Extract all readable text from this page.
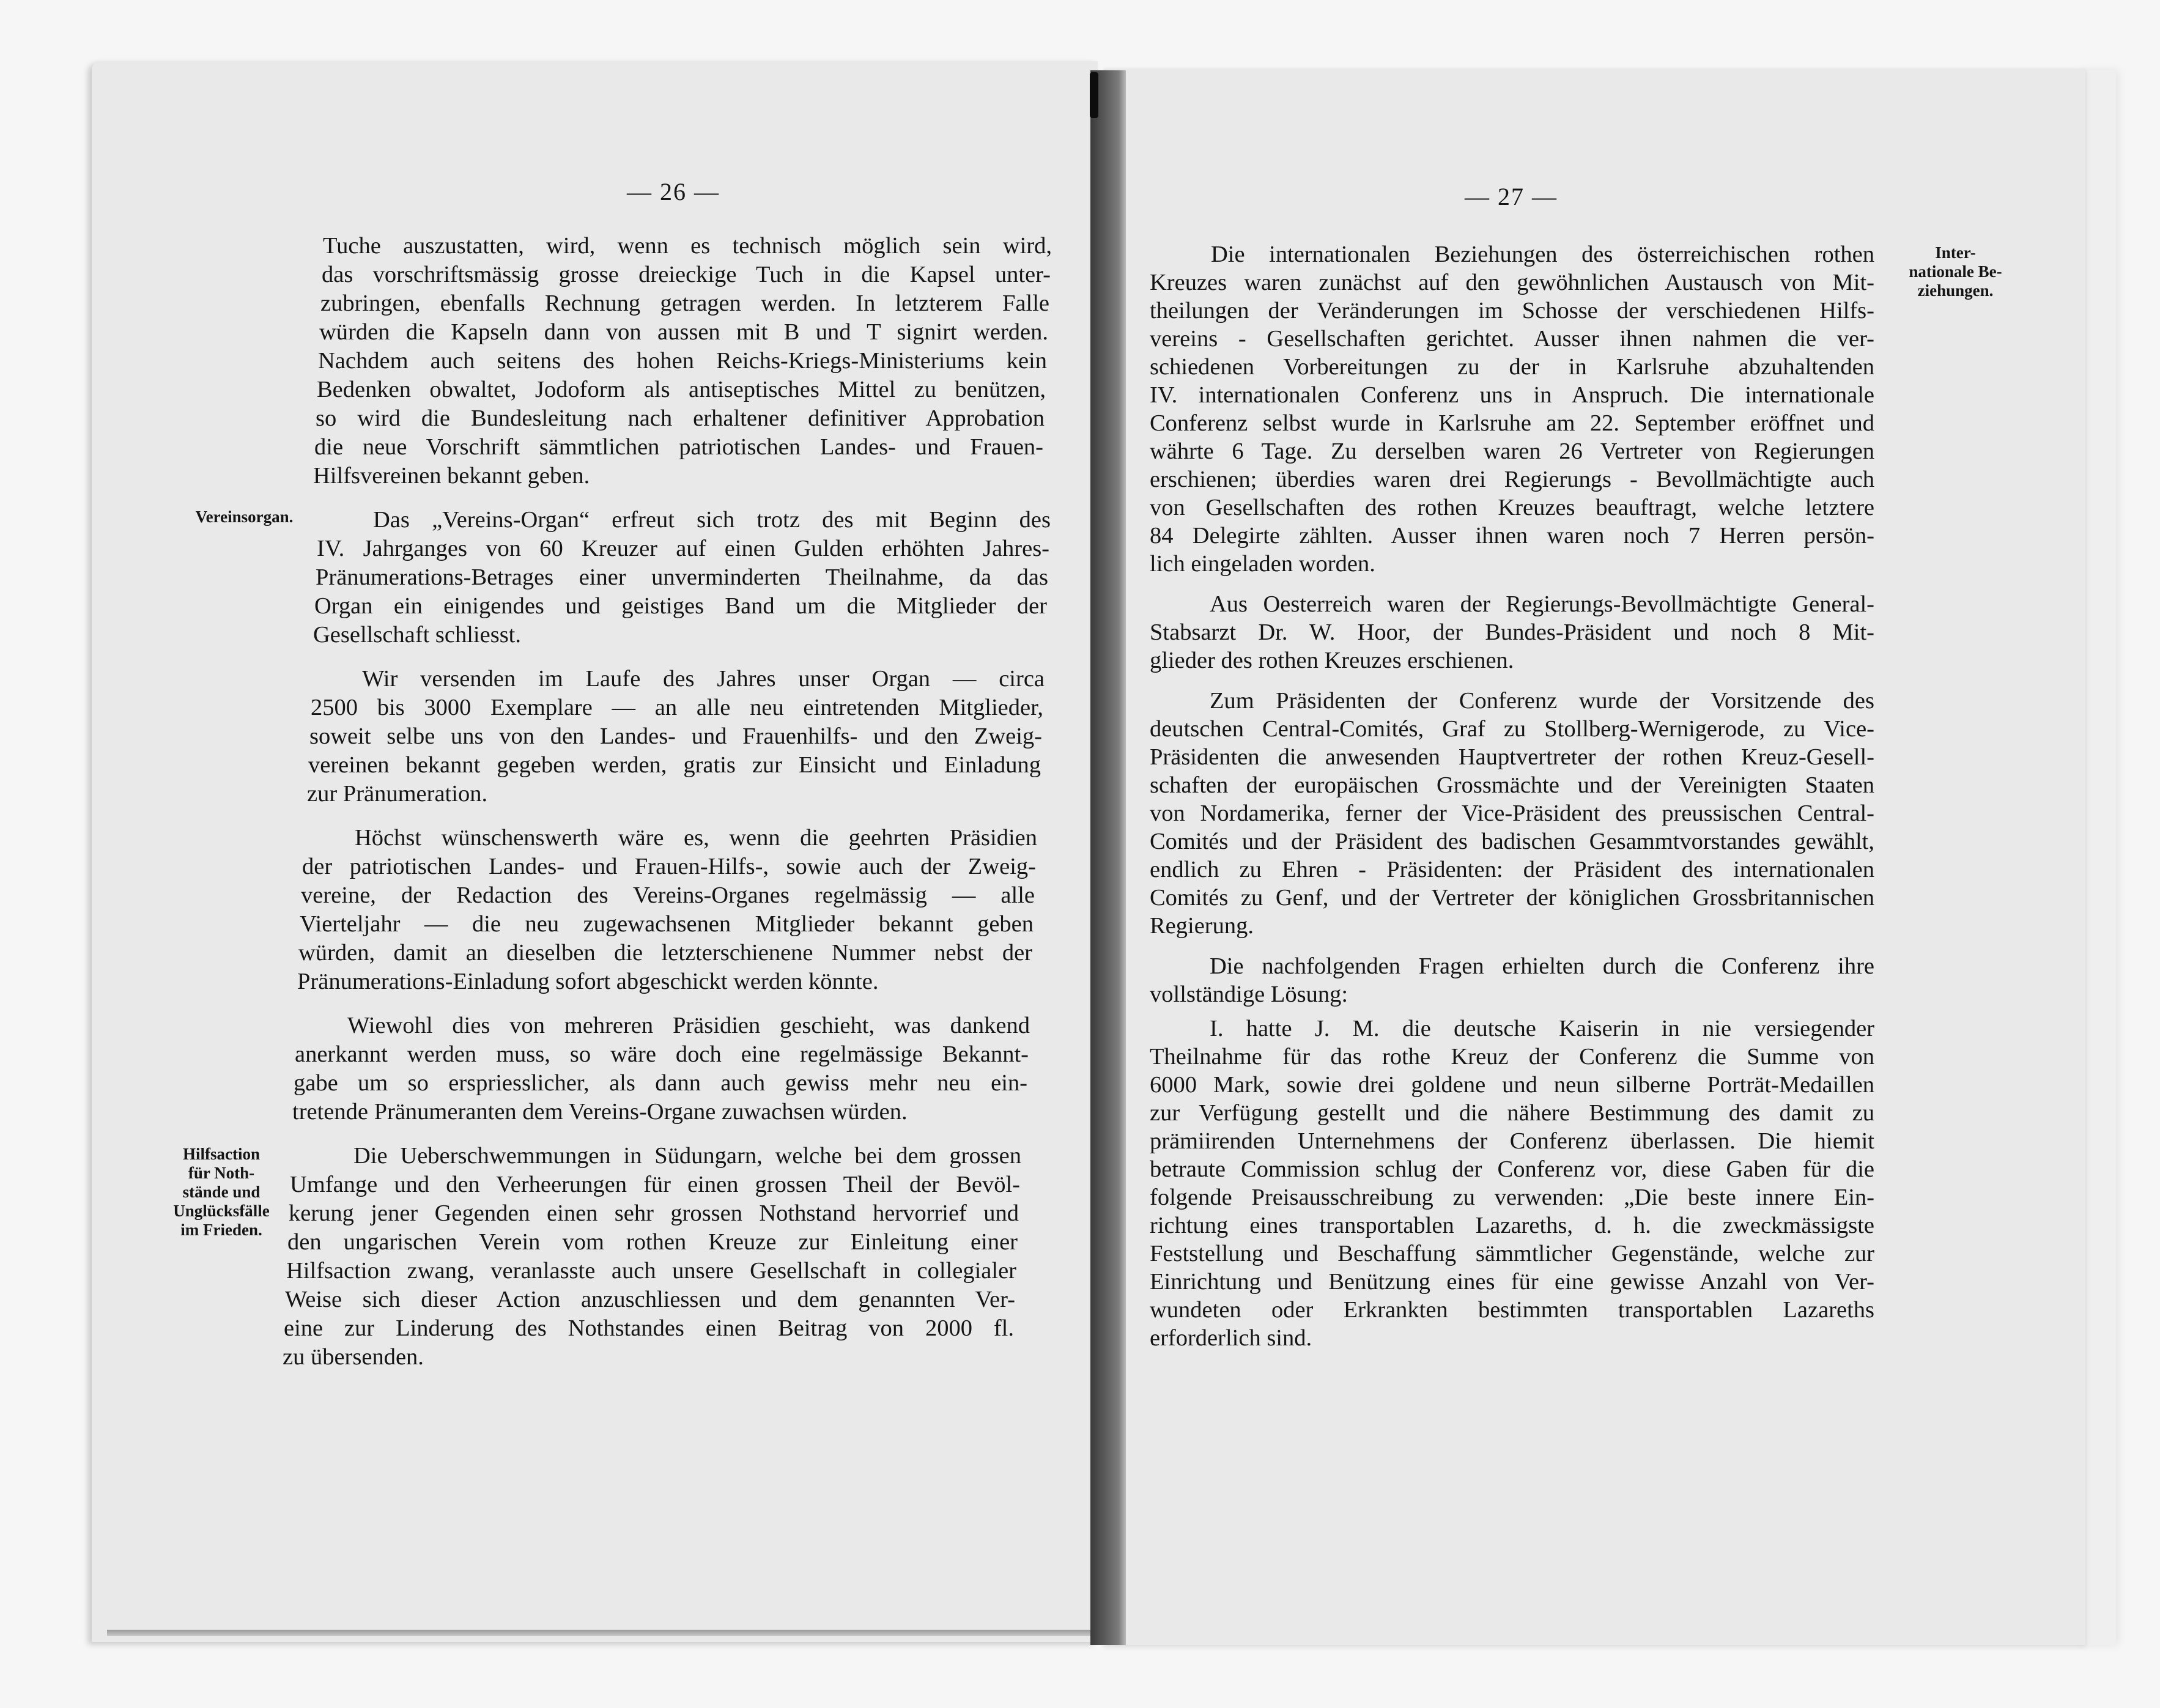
— 26 —	— 27 —
Vereinsorgan.
Hilfsaction
für Noth-
stände und
Unglücksfälle
im Frieden.
Inter-
nationale Be-
ziehungen.
Tuche auszustatten, wird, wenn es technisch möglich sein wird,
das vorschriftsmässig grosse dreieckige Tuch in die Kapsel unter-
zubringen, ebenfalls Rechnung getragen werden. In letzterem Falle
würden die Kapseln dann von aussen mit B und T signirt werden.
Nachdem auch seitens des hohen Reichs-Kriegs-Ministeriums kein
Bedenken obwaltet, Jodoform als antiseptisches Mittel zu benützen,
so wird die Bundesleitung nach erhaltener definitiver Approbation
die neue Vorschrift sämmtlichen patriotischen Landes- und Frauen-
Hilfsvereinen bekannt geben.
Das „Vereins-Organ“ erfreut sich trotz des mit Beginn des
IV. Jahrganges von 60 Kreuzer auf einen Gulden erhöhten Jahres-
Pränumerations-Betrages einer unverminderten Theilnahme, da das
Organ ein einigendes und geistiges Band um die Mitglieder der
Gesellschaft schliesst.
Wir versenden im Laufe des Jahres unser Organ — circa
2500 bis 3000 Exemplare — an alle neu eintretenden Mitglieder,
soweit selbe uns von den Landes- und Frauenhilfs- und den Zweig-
vereinen bekannt gegeben werden, gratis zur Einsicht und Einladung
zur Pränumeration.
Höchst wünschenswerth wäre es, wenn die geehrten Präsidien
der patriotischen Landes- und Frauen-Hilfs-, sowie auch der Zweig-
vereine, der Redaction des Vereins-Organes regelmässig — alle
Vierteljahr — die neu zugewachsenen Mitglieder bekannt geben
würden, damit an dieselben die letzterschienene Nummer nebst der
Pränumerations-Einladung sofort abgeschickt werden könnte.
Wiewohl dies von mehreren Präsidien geschieht, was dankend
anerkannt werden muss, so wäre doch eine regelmässige Bekannt-
gabe um so erspriesslicher, als dann auch gewiss mehr neu ein-
tretende Pränumeranten dem Vereins-Organe zuwachsen würden.
Die Ueberschwemmungen in Südungarn, welche bei dem grossen
Umfange und den Verheerungen für einen grossen Theil der Bevöl-
kerung jener Gegenden einen sehr grossen Nothstand hervorrief und
den ungarischen Verein vom rothen Kreuze zur Einleitung einer
Hilfsaction zwang, veranlasste auch unsere Gesellschaft in collegialer
Weise sich dieser Action anzuschliessen und dem genannten Ver-
eine zur Linderung des Nothstandes einen Beitrag von 2000 fl.
zu übersenden.
Die internationalen Beziehungen des österreichischen rothen
Kreuzes waren zunächst auf den gewöhnlichen Austausch von Mit-
theilungen der Veränderungen im Schosse der verschiedenen Hilfs-
vereins - Gesellschaften gerichtet. Ausser ihnen nahmen die ver-
schiedenen Vorbereitungen zu der in Karlsruhe abzuhaltenden
IV. internationalen Conferenz uns in Anspruch. Die internationale
Conferenz selbst wurde in Karlsruhe am 22. September eröffnet und
währte 6 Tage. Zu derselben waren 26 Vertreter von Regierungen
erschienen; überdies waren drei Regierungs - Bevollmächtigte auch
von Gesellschaften des rothen Kreuzes beauftragt, welche letztere
84 Delegirte zählten. Ausser ihnen waren noch 7 Herren persön-
lich eingeladen worden.
Aus Oesterreich waren der Regierungs-Bevollmächtigte General-
Stabsarzt Dr. W. Hoor, der Bundes-Präsident und noch 8 Mit-
glieder des rothen Kreuzes erschienen.
Zum Präsidenten der Conferenz wurde der Vorsitzende des
deutschen Central-Comités, Graf zu Stollberg-Wernigerode, zu Vice-
Präsidenten die anwesenden Hauptvertreter der rothen Kreuz-Gesell-
schaften der europäischen Grossmächte und der Vereinigten Staaten
von Nordamerika, ferner der Vice-Präsident des preussischen Central-
Comités und der Präsident des badischen Gesammtvorstandes gewählt,
endlich zu Ehren - Präsidenten: der Präsident des internationalen
Comités zu Genf, und der Vertreter der königlichen Grossbritannischen
Regierung.
Die nachfolgenden Fragen erhielten durch die Conferenz ihre
vollständige Lösung:
I. hatte J. M. die deutsche Kaiserin in nie versiegender
Theilnahme für das rothe Kreuz der Conferenz die Summe von
6000 Mark, sowie drei goldene und neun silberne Porträt-Medaillen
zur Verfügung gestellt und die nähere Bestimmung des damit zu
prämiirenden Unternehmens der Conferenz überlassen. Die hiemit
betraute Commission schlug der Conferenz vor, diese Gaben für die
folgende Preisausschreibung zu verwenden: „Die beste innere Ein-
richtung eines transportablen Lazareths, d. h. die zweckmässigste
Feststellung und Beschaffung sämmtlicher Gegenstände, welche zur
Einrichtung und Benützung eines für eine gewisse Anzahl von Ver-
wundeten oder Erkrankten bestimmten transportablen Lazareths
erforderlich sind.
